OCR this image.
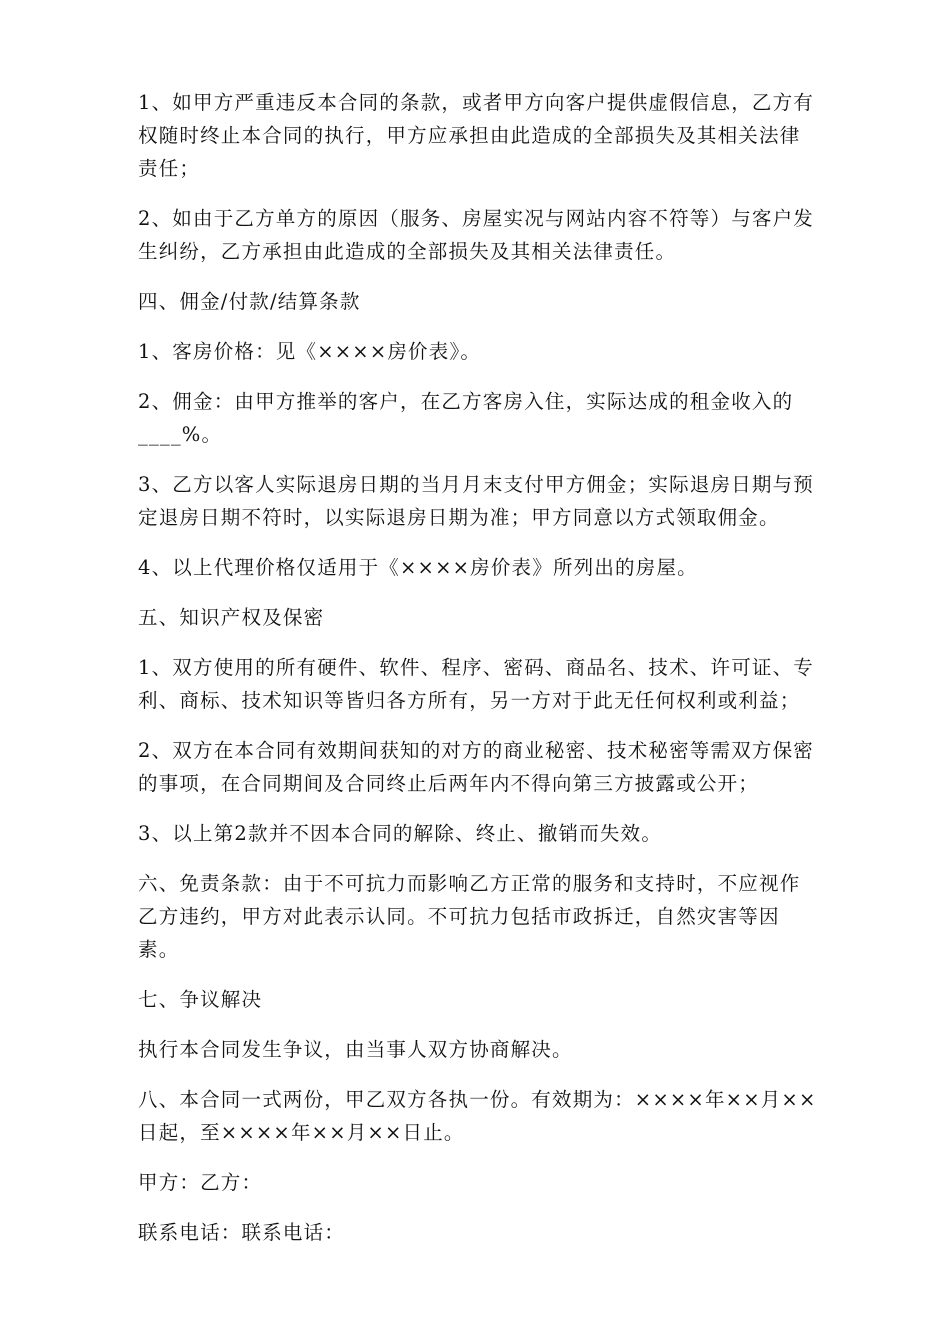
1、如甲方严重违反本合同的条款，或者甲方向客户提供虚假信息，乙方有权随时终止本合同的执行，甲方应承担由此造成的全部损失及其相关法律责任；

2、如由于乙方单方的原因（服务、房屋实况与网站内容不符等）与客户发生纠纷，乙方承担由此造成的全部损失及其相关法律责任。

四、佣金/付款/结算条款

1、客房价格：见《××××房价表》。

2、佣金：由甲方推举的客户，在乙方客房入住，实际达成的租金收入的____%。

3、乙方以客人实际退房日期的当月月末支付甲方佣金；实际退房日期与预定退房日期不符时，以实际退房日期为准；甲方同意以方式领取佣金。

4、以上代理价格仅适用于《××××房价表》所列出的房屋。

五、知识产权及保密

1、双方使用的所有硬件、软件、程序、密码、商品名、技术、许可证、专利、商标、技术知识等皆归各方所有，另一方对于此无任何权利或利益；

2、双方在本合同有效期间获知的对方的商业秘密、技术秘密等需双方保密的事项，在合同期间及合同终止后两年内不得向第三方披露或公开；

3、以上第2款并不因本合同的解除、终止、撤销而失效。

六、免责条款：由于不可抗力而影响乙方正常的服务和支持时，不应视作乙方违约，甲方对此表示认同。不可抗力包括市政拆迁，自然灾害等因素。

七、争议解决

执行本合同发生争议，由当事人双方协商解决。

八、本合同一式两份，甲乙双方各执一份。有效期为：××××年××月××日起，至××××年××月××日止。

甲方：乙方：

联系电话：联系电话：
